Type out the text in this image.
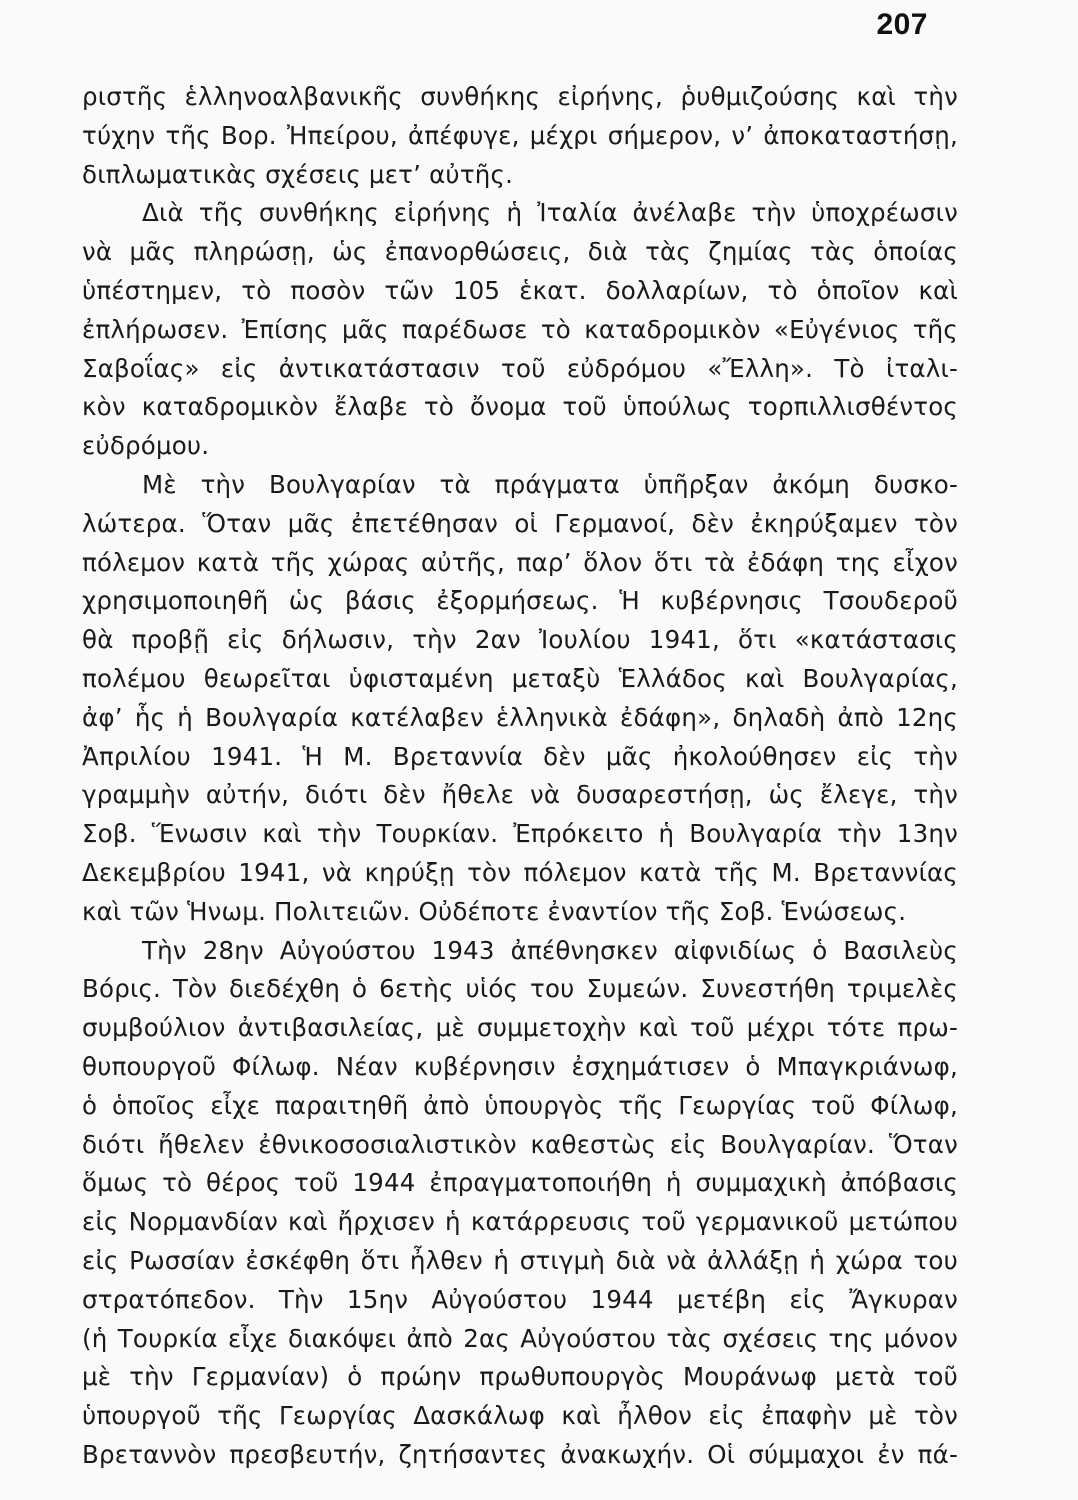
207
ριστῆς ἑλληνοαλβανικῆς συνθήκης εἰρήνης, ῥυθμιζούσης καὶ τὴν
τύχην τῆς Βορ. Ἠπείρου, ἀπέφυγε, μέχρι σήμερον, ν’ ἀποκαταστήσῃ,
διπλωματικὰς σχέσεις μετ’ αὐτῆς.
Διὰ τῆς συνθήκης εἰρήνης ἡ Ἰταλία ἀνέλαβε τὴν ὑποχρέωσιν
νὰ μᾶς πληρώσῃ, ὡς ἐπανορθώσεις, διὰ τὰς ζημίας τὰς ὁποίας
ὑπέστημεν, τὸ ποσὸν τῶν 105 ἑκατ. δολλαρίων, τὸ ὁποῖον καὶ
ἐπλήρωσεν. Ἐπίσης μᾶς παρέδωσε τὸ καταδρομικὸν «Εὐγένιος τῆς
Σαβοΐας» εἰς ἀντικατάστασιν τοῦ εὐδρόμου «Ἔλλη». Τὸ ἰταλι-
κὸν καταδρομικὸν ἔλαβε τὸ ὄνομα τοῦ ὑπούλως τορπιλλισθέντος
εὐδρόμου.
Μὲ τὴν Βουλγαρίαν τὰ πράγματα ὑπῆρξαν ἀκόμη δυσκο-
λώτερα. Ὅταν μᾶς ἐπετέθησαν οἱ Γερμανοί, δὲν ἐκηρύξαμεν τὸν
πόλεμον κατὰ τῆς χώρας αὐτῆς, παρ’ ὅλον ὅτι τὰ ἐδάφη της εἶχον
χρησιμοποιηθῆ ὡς βάσις ἐξορμήσεως. Ἡ κυβέρνησις Τσουδεροῦ
θὰ προβῇ εἰς δήλωσιν, τὴν 2αν Ἰουλίου 1941, ὅτι «κατάστασις
πολέμου θεωρεῖται ὑφισταμένη μεταξὺ Ἑλλάδος καὶ Βουλγαρίας,
ἀφ’ ἧς ἡ Βουλγαρία κατέλαβεν ἑλληνικὰ ἐδάφη», δηλαδὴ ἀπὸ 12ης
Ἀπριλίου 1941. Ἡ Μ. Βρεταννία δὲν μᾶς ἠκολούθησεν εἰς τὴν
γραμμὴν αὐτήν, διότι δὲν ἤθελε νὰ δυσαρεστήσῃ, ὡς ἔλεγε, τὴν
Σοβ. Ἕνωσιν καὶ τὴν Τουρκίαν. Ἐπρόκειτο ἡ Βουλγαρία τὴν 13ην
Δεκεμβρίου 1941, νὰ κηρύξῃ τὸν πόλεμον κατὰ τῆς Μ. Βρεταννίας
καὶ τῶν Ἡνωμ. Πολιτειῶν. Οὐδέποτε ἐναντίον τῆς Σοβ. Ἑνώσεως.
Τὴν 28ην Αὐγούστου 1943 ἀπέθνησκεν αἰφνιδίως ὁ Βασιλεὺς
Βόρις. Τὸν διεδέχθη ὁ 6ετὴς υἱός του Συμεών. Συνεστήθη τριμελὲς
συμβούλιον ἀντιβασιλείας, μὲ συμμετοχὴν καὶ τοῦ μέχρι τότε πρω-
θυπουργοῦ Φίλωφ. Νέαν κυβέρνησιν ἐσχημάτισεν ὁ Μπαγκριάνωφ,
ὁ ὁποῖος εἶχε παραιτηθῆ ἀπὸ ὑπουργὸς τῆς Γεωργίας τοῦ Φίλωφ,
διότι ἤθελεν ἐθνικοσοσιαλιστικὸν καθεστὼς εἰς Βουλγαρίαν. Ὅταν
ὅμως τὸ θέρος τοῦ 1944 ἐπραγματοποιήθη ἡ συμμαχικὴ ἀπόβασις
εἰς Νορμανδίαν καὶ ἤρχισεν ἡ κατάρρευσις τοῦ γερμανικοῦ μετώπου
εἰς Ρωσσίαν ἐσκέφθη ὅτι ἦλθεν ἡ στιγμὴ διὰ νὰ ἀλλάξῃ ἡ χώρα του
στρατόπεδον. Τὴν 15ην Αὐγούστου 1944 μετέβη εἰς Ἄγκυραν
(ἡ Τουρκία εἶχε διακόψει ἀπὸ 2ας Αὐγούστου τὰς σχέσεις της μόνον
μὲ τὴν Γερμανίαν) ὁ πρώην πρωθυπουργὸς Μουράνωφ μετὰ τοῦ
ὑπουργοῦ τῆς Γεωργίας Δασκάλωφ καὶ ἦλθον εἰς ἐπαφὴν μὲ τὸν
Βρεταννὸν πρεσβευτήν, ζητήσαντες ἀνακωχήν. Οἱ σύμμαχοι ἐν πά-
